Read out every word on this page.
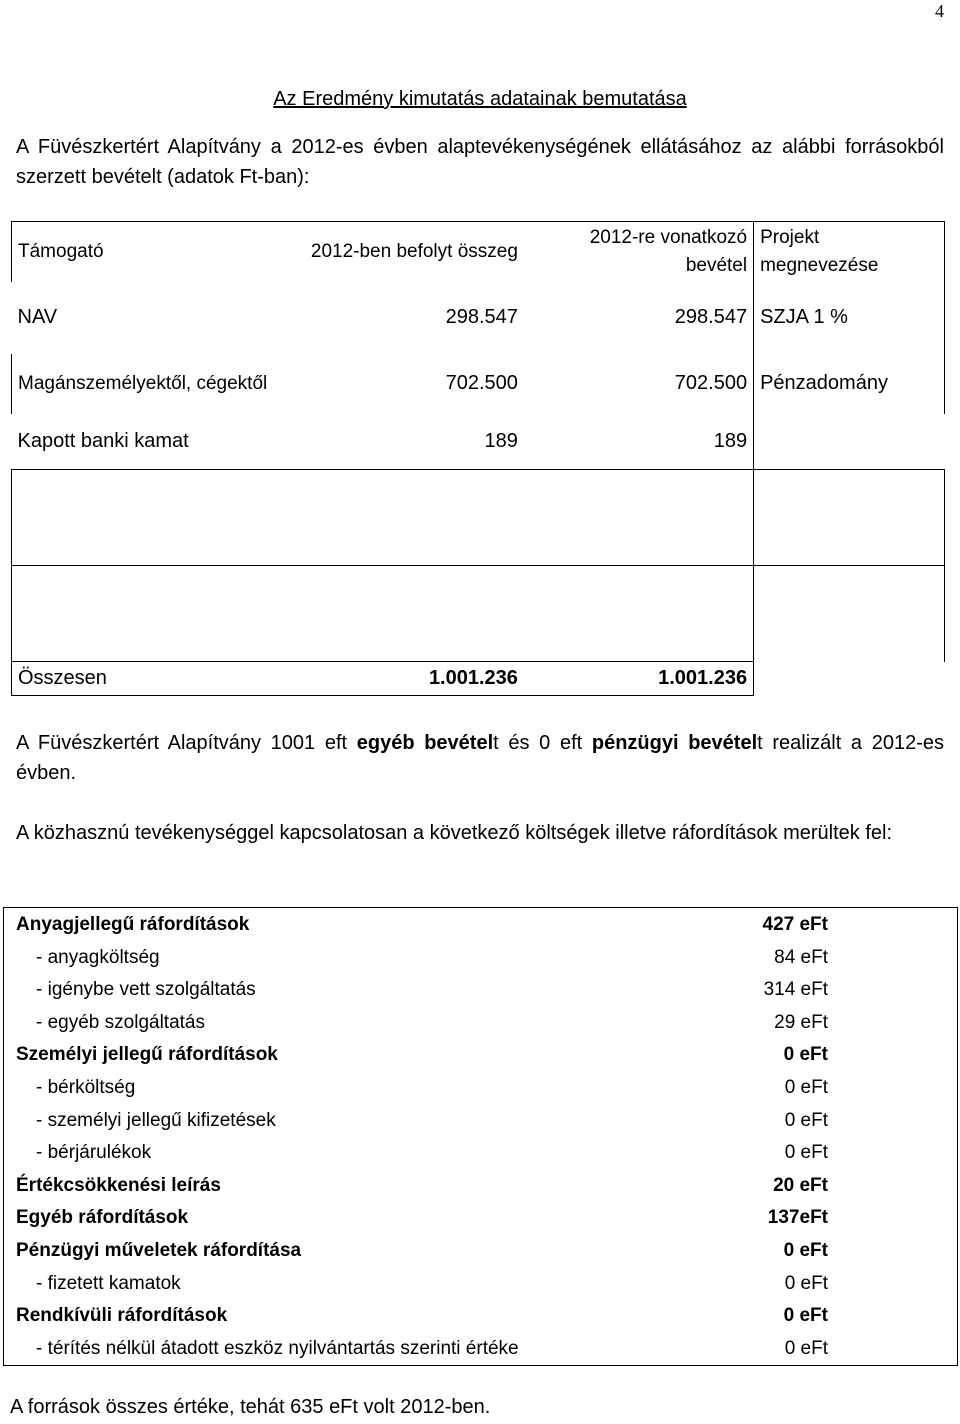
4
Az Eredmény kimutatás adatainak bemutatása
A Füvészkertért Alapítvány a 2012-es évben alaptevékenységének ellátásához az alábbi forrásokból szerzett bevételt (adatok Ft-ban):
Támogató	2012-ben befolyt összeg	2012-re vonatkozó bevétel	Projekt megnevezése
NAV	298.547	298.547	SZJA 1 %
Magánszemélyektől, cégektől	702.500	702.500	Pénzadomány
Kapott banki kamat	189	189	

Összesen	1.001.236	1.001.236	
A Füvészkertért Alapítvány 1001 eft egyéb bevételt és 0 eft pénzügyi bevételt realizált a 2012-es évben.
A közhasznú tevékenységgel kapcsolatosan a következő költségek illetve ráfordítások merültek fel:
Anyagjellegű ráfordítások	427 eFt
- anyagköltség	84 eFt
- igénybe vett szolgáltatás	314 eFt
- egyéb szolgáltatás	29 eFt
Személyi jellegű ráfordítások	0 eFt
- bérköltség	0 eFt
- személyi jellegű kifizetések	0 eFt
- bérjárulékok	0 eFt
Értékcsökkenési leírás	20 eFt
Egyéb ráfordítások	137eFt
Pénzügyi műveletek ráfordítása	0 eFt
- fizetett kamatok	0 eFt
Rendkívüli ráfordítások	0 eFt
- térítés nélkül átadott eszköz nyilvántartás szerinti értéke	0 eFt
A források összes értéke, tehát 635 eFt volt 2012-ben.
